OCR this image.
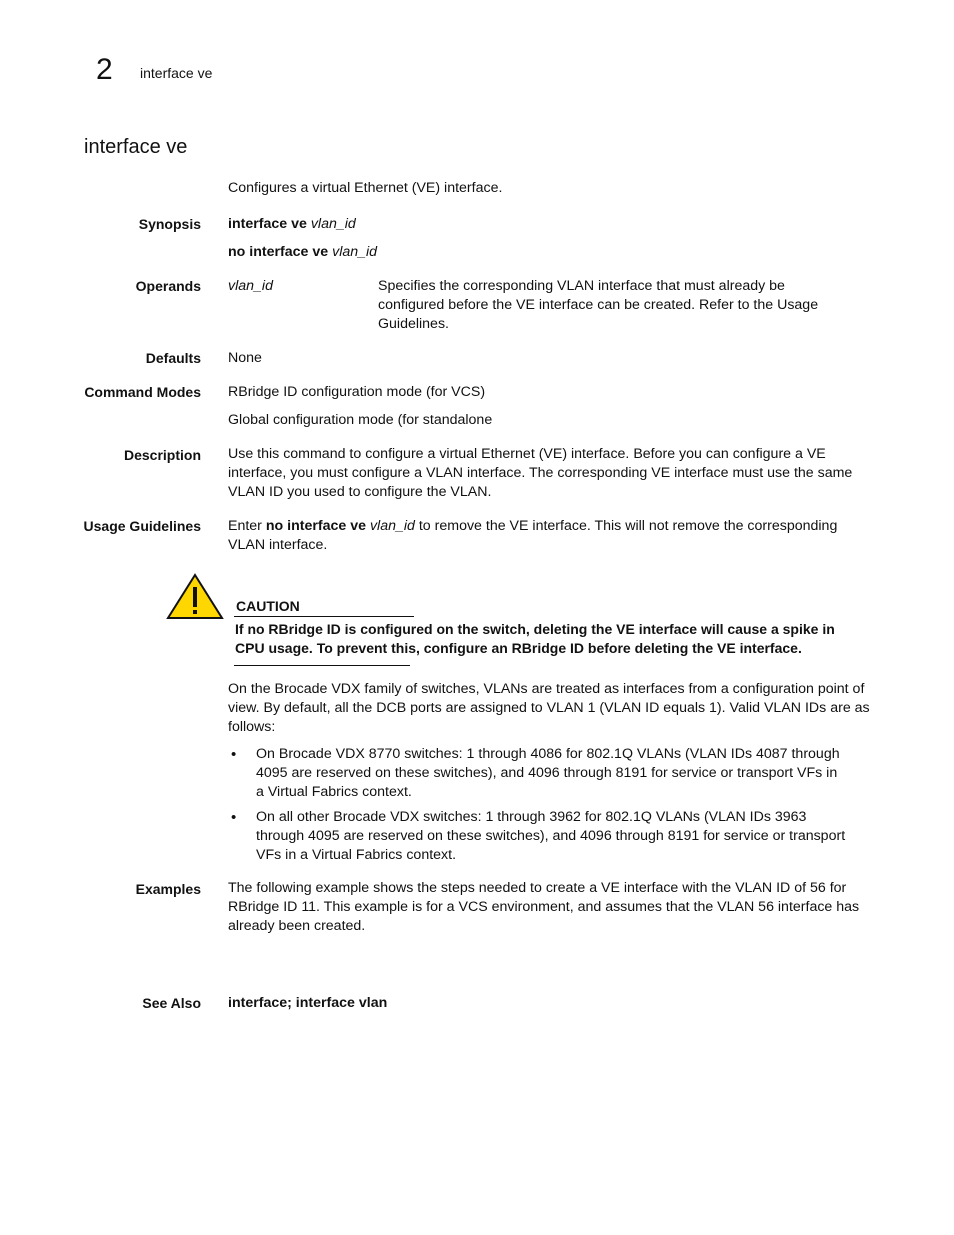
2 interface ve
interface ve
Configures a virtual Ethernet (VE) interface.
Synopsis interface ve vlan_id
no interface ve vlan_id
Operands vlan_id	Specifies the corresponding VLAN interface that must already be configured before the VE interface can be created. Refer to the Usage Guidelines.
Defaults None
Command Modes RBridge ID configuration mode (for VCS)
Global configuration mode (for standalone
Description Use this command to configure a virtual Ethernet (VE) interface. Before you can configure a VE interface, you must configure a VLAN interface. The corresponding VE interface must use the same VLAN ID you used to configure the VLAN.
Usage Guidelines Enter no interface ve vlan_id to remove the VE interface. This will not remove the corresponding VLAN interface.
CAUTION
If no RBridge ID is configured on the switch, deleting the VE interface will cause a spike in CPU usage. To prevent this, configure an RBridge ID before deleting the VE interface.
On the Brocade VDX family of switches, VLANs are treated as interfaces from a configuration point of view. By default, all the DCB ports are assigned to VLAN 1 (VLAN ID equals 1). Valid VLAN IDs are as follows:
• On Brocade VDX 8770 switches: 1 through 4086 for 802.1Q VLANs (VLAN IDs 4087 through 4095 are reserved on these switches), and 4096 through 8191 for service or transport VFs in a Virtual Fabrics context.
• On all other Brocade VDX switches: 1 through 3962 for 802.1Q VLANs (VLAN IDs 3963 through 4095 are reserved on these switches), and 4096 through 8191 for service or transport VFs in a Virtual Fabrics context.
Examples The following example shows the steps needed to create a VE interface with the VLAN ID of 56 for RBridge ID 11. This example is for a VCS environment, and assumes that the VLAN 56 interface has already been created.
See Also interface; interface vlan
